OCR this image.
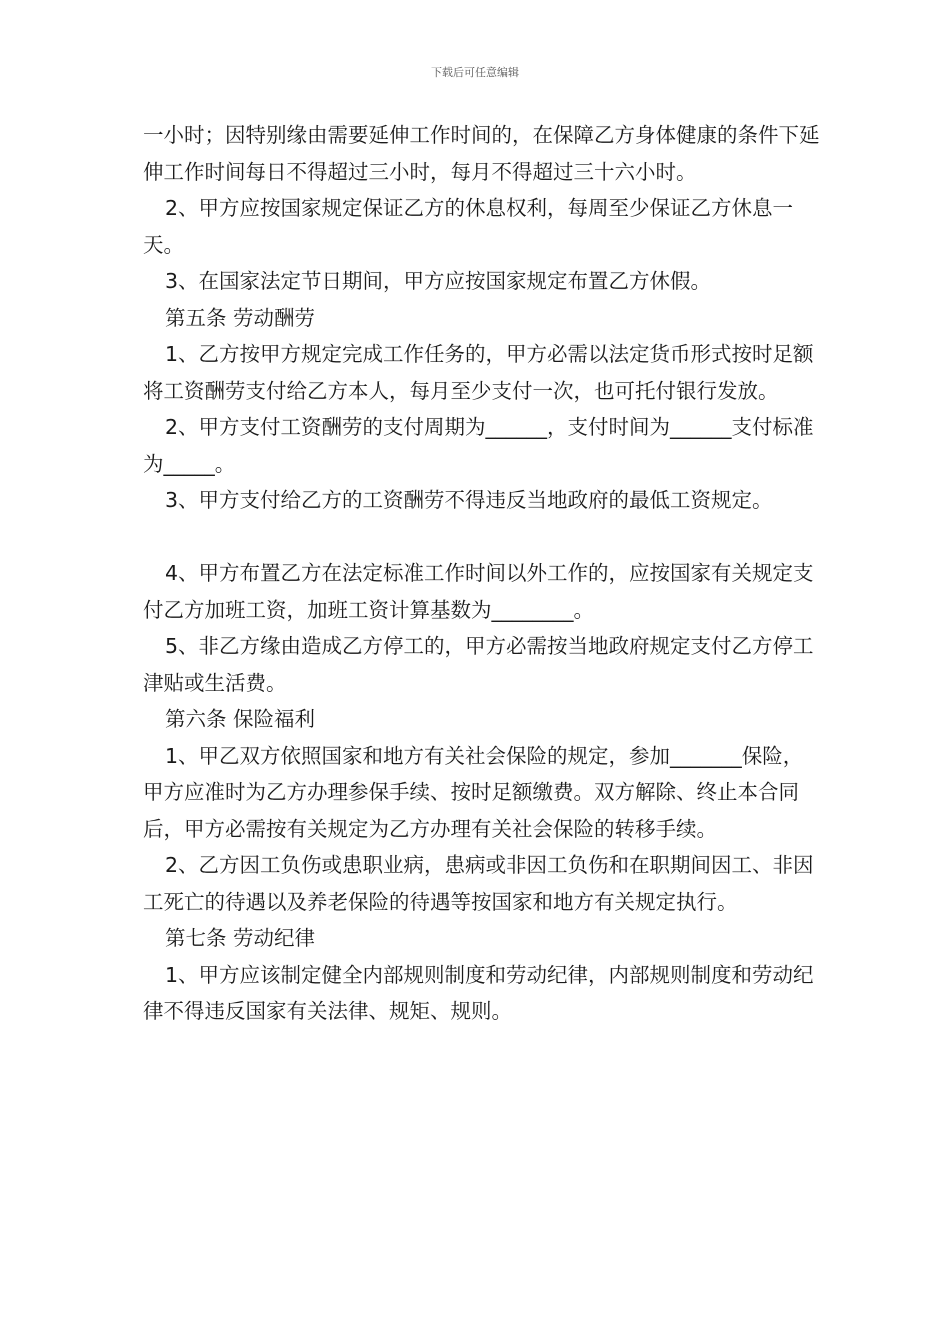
下载后可任意编辑

一小时；因特别缘由需要延伸工作时间的，在保障乙方身体健康的条件下延伸工作时间每日不得超过三小时，每月不得超过三十六小时。

2、甲方应按国家规定保证乙方的休息权利，每周至少保证乙方休息一天。

3、在国家法定节日期间，甲方应按国家规定布置乙方休假。

第五条 劳动酬劳

1、乙方按甲方规定完成工作任务的，甲方必需以法定货币形式按时足额将工资酬劳支付给乙方本人，每月至少支付一次，也可托付银行发放。

2、甲方支付工资酬劳的支付周期为______，支付时间为______支付标准为_____。

3、甲方支付给乙方的工资酬劳不得违反当地政府的最低工资规定。

4、甲方布置乙方在法定标准工作时间以外工作的，应按国家有关规定支付乙方加班工资，加班工资计算基数为________。

5、非乙方缘由造成乙方停工的，甲方必需按当地政府规定支付乙方停工津贴或生活费。

第六条 保险福利

1、甲乙双方依照国家和地方有关社会保险的规定，参加_______保险，甲方应准时为乙方办理参保手续、按时足额缴费。双方解除、终止本合同后，甲方必需按有关规定为乙方办理有关社会保险的转移手续。

2、乙方因工负伤或患职业病，患病或非因工负伤和在职期间因工、非因工死亡的待遇以及养老保险的待遇等按国家和地方有关规定执行。

第七条 劳动纪律

1、甲方应该制定健全内部规则制度和劳动纪律，内部规则制度和劳动纪律不得违反国家有关法律、规矩、规则。
